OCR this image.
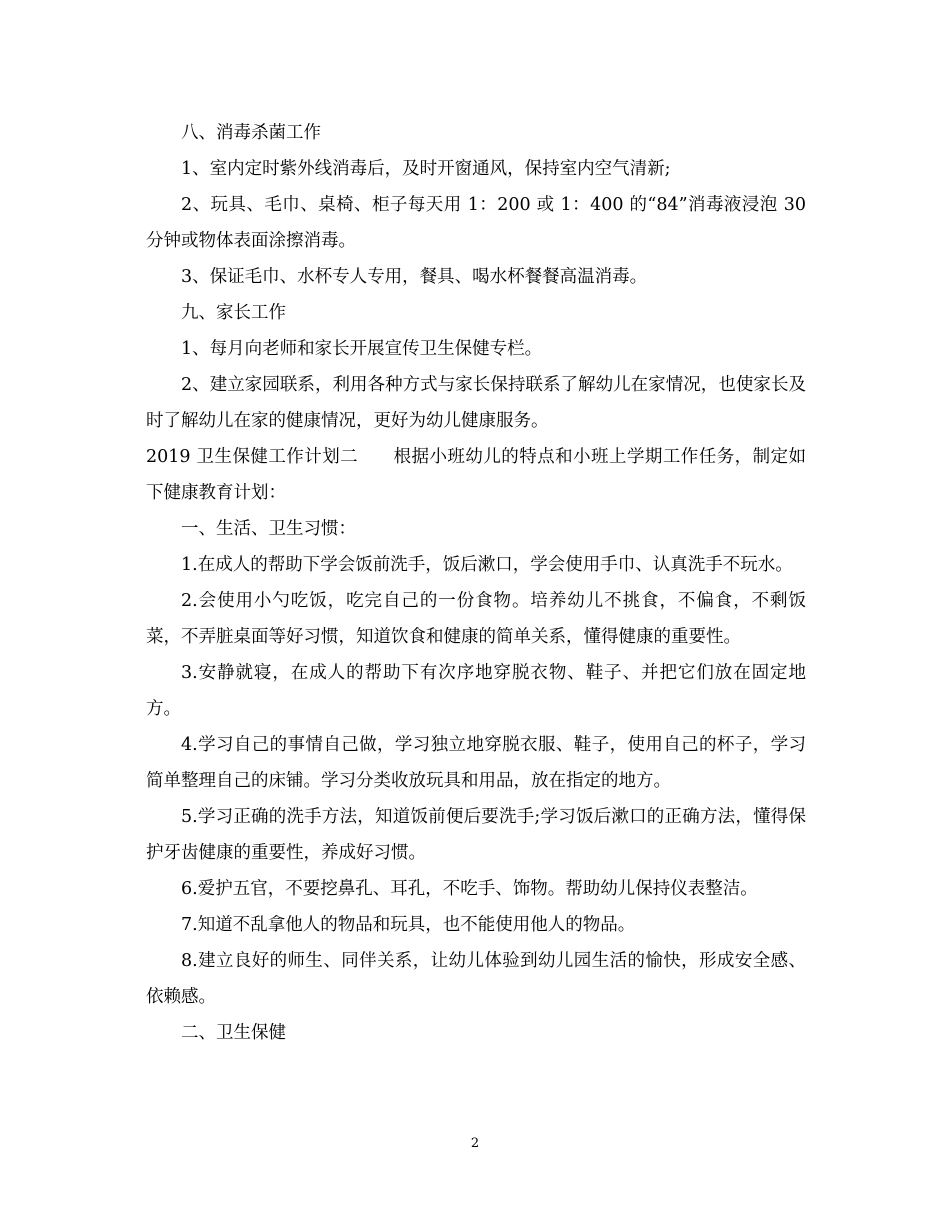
八、消毒杀菌工作

1、室内定时紫外线消毒后，及时开窗通风，保持室内空气清新;

2、玩具、毛巾、桌椅、柜子每天用 1：200 或 1：400 的“84”消毒液浸泡 30 分钟或物体表面涂擦消毒。

3、保证毛巾、水杯专人专用，餐具、喝水杯餐餐高温消毒。

九、家长工作

1、每月向老师和家长开展宣传卫生保健专栏。

2、建立家园联系，利用各种方式与家长保持联系了解幼儿在家情况，也使家长及时了解幼儿在家的健康情况，更好为幼儿健康服务。

2019 卫生保健工作计划二 根据小班幼儿的特点和小班上学期工作任务，制定如下健康教育计划：

一、生活、卫生习惯：

1.在成人的帮助下学会饭前洗手，饭后漱口，学会使用手巾、认真洗手不玩水。

2.会使用小勺吃饭，吃完自己的一份食物。培养幼儿不挑食，不偏食，不剩饭菜，不弄脏桌面等好习惯，知道饮食和健康的简单关系，懂得健康的重要性。

3.安静就寝，在成人的帮助下有次序地穿脱衣物、鞋子、并把它们放在固定地方。

4.学习自己的事情自己做，学习独立地穿脱衣服、鞋子，使用自己的杯子，学习简单整理自己的床铺。学习分类收放玩具和用品，放在指定的地方。

5.学习正确的洗手方法，知道饭前便后要洗手;学习饭后漱口的正确方法，懂得保护牙齿健康的重要性，养成好习惯。

6.爱护五官，不要挖鼻孔、耳孔，不吃手、饰物。帮助幼儿保持仪表整洁。

7.知道不乱拿他人的物品和玩具，也不能使用他人的物品。

8.建立良好的师生、同伴关系，让幼儿体验到幼儿园生活的愉快，形成安全感、依赖感。

二、卫生保健

2
